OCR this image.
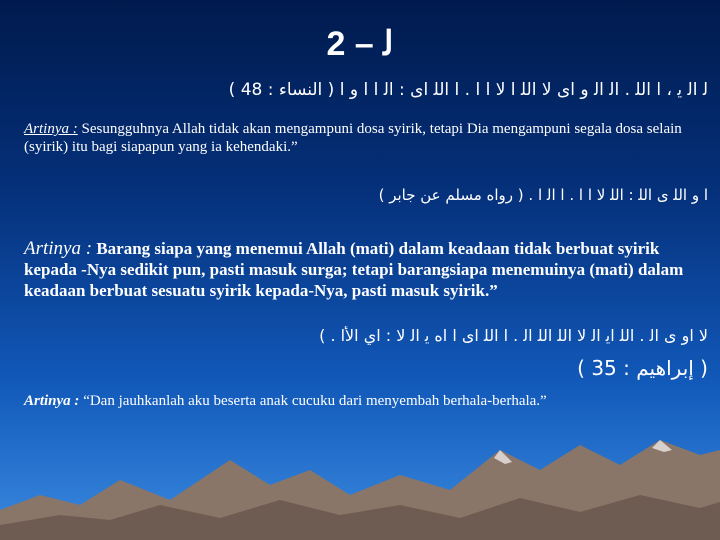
2 – ﻟ
ﻟ ﺍﻟ ﻳ ، ﺍ ﺍﻟﻠ . ﺍﻟ ﺍﻟ ﻭ ﺍﻯ ﻻ ﺍﻟﻠ ﺍ ﻻ ﺍ ﺍ . ﺍ ﺍﻟﻠ ﺍﻯ : ﺍﻟ ﺍ ﺍ ﻭ ﺍ ( ﺍﻟﻨﺴﺎﺀ : 48 )
Artinya : Sesungguhnya Allah tidak akan mengampuni dosa syirik, tetapi Dia mengampuni segala dosa selain (syirik) itu bagi siapapun yang ia kehendaki.”
ﺍ ﻭ ﺍﻟﻠ ﻯ ﺍﻟﻠ : ﺍﻟﻠ ﻻ ﺍ ﺍ . ﺍ ﺍﻟ ﺍ . ( ﺭﻭﺍﻩ ﻣﺴﻠﻢ ﻋﻦ ﺟﺎﺑﺮ )
Artinya : Barang siapa yang menemui Allah (mati) dalam keadaan tidak berbuat syirik kepada -Nya sedikit pun, pasti masuk surga; tetapi barangsiapa menemuinya (mati) dalam keadaan berbuat sesuatu syirik kepada-Nya, pasti masuk syirik.”
ﻻ ﺍﻭ ﻯ ﺍﻟ . ﺍﻟﻠ ﺍﻳ ﺍﻟ ﻻ ﺍﻟﻠ ﺍﻟﻠ ﺍﻟ . ﺍ ﺍﻟﻠ ﺍﻯ ﺍ ﺍﻩ ﻳ ﺍﻟ ﻻ : ﺍﻱ ﺍﻷﺍ . )
( ﺇﺑﺮﺍﻫﻴﻢ : 35 )
Artinya : “Dan jauhkanlah aku beserta anak cucuku dari menyembah berhala-berhala.”
